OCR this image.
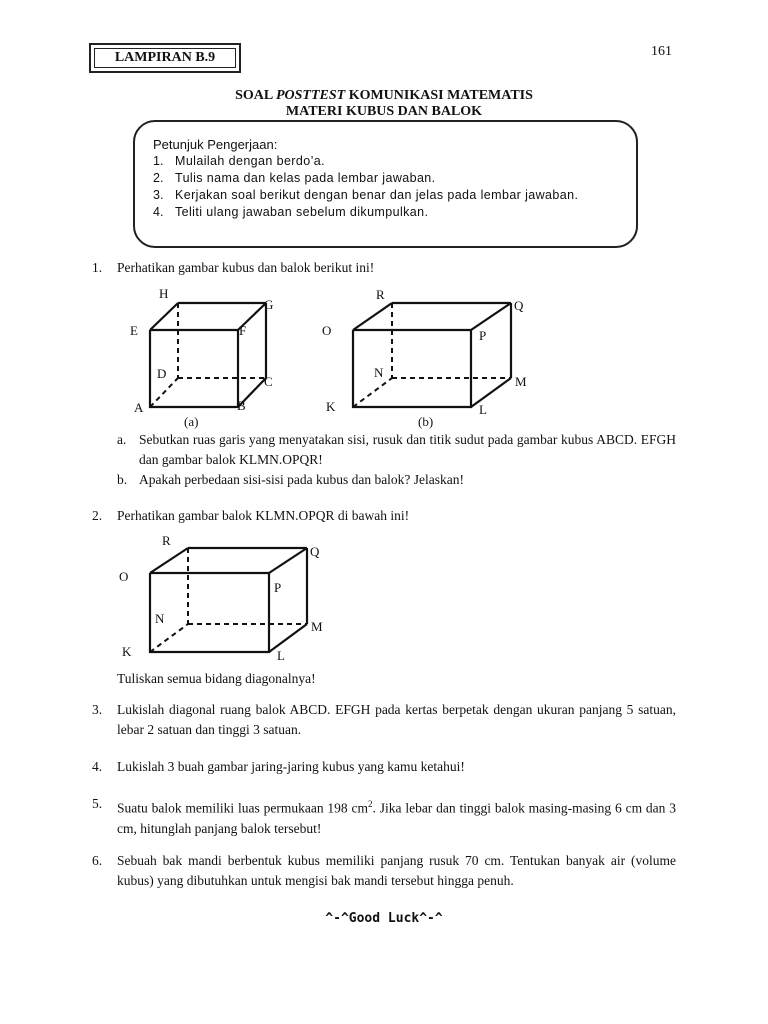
LAMPIRAN B.9	161
SOAL POSTTEST KOMUNIKASI MATEMATIS
MATERI KUBUS DAN BALOK
Petunjuk Pengerjaan:
1. Mulailah dengan berdo’a.
2. Tulis nama dan kelas pada lembar jawaban.
3. Kerjakan soal berikut dengan benar dan jelas pada lembar jawaban.
4. Teliti ulang jawaban sebelum dikumpulkan.
1. Perhatikan gambar kubus dan balok berikut ini!
H
G
E	F
D
C
A	B
(a)
R
Q
O	P
N
M
K	L
(b)
a. Sebutkan ruas garis yang menyatakan sisi, rusuk dan titik sudut pada gambar kubus ABCD. EFGH dan gambar balok KLMN.OPQR!
b. Apakah perbedaan sisi-sisi pada kubus dan balok? Jelaskan!
2. Perhatikan gambar balok KLMN.OPQR di bawah ini!
R
Q
O
P
N
M
K	L
Tuliskan semua bidang diagonalnya!
3. Lukislah diagonal ruang balok ABCD. EFGH pada kertas berpetak dengan ukuran panjang 5 satuan, lebar 2 satuan dan tinggi 3 satuan.
4. Lukislah 3 buah gambar jaring-jaring kubus yang kamu ketahui!
5. Suatu balok memiliki luas permukaan 198 $cm^2$. Jika lebar dan tinggi balok masing-masing 6 cm dan 3 cm, hitunglah panjang balok tersebut!
6. Sebuah bak mandi berbentuk kubus memiliki panjang rusuk 70 cm. Tentukan banyak air (volume kubus) yang dibutuhkan untuk mengisi bak mandi tersebut hingga penuh.
^-^Good Luck^-^
